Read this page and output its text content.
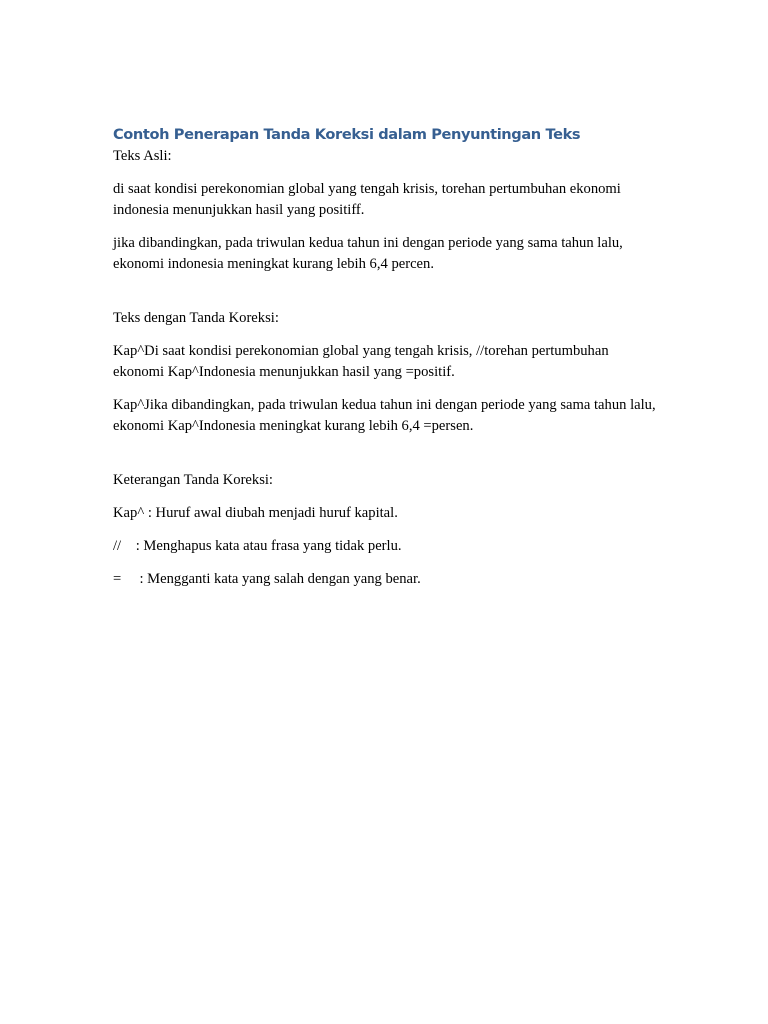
Contoh Penerapan Tanda Koreksi dalam Penyuntingan Teks

Teks Asli:

di saat kondisi perekonomian global yang tengah krisis, torehan pertumbuhan ekonomi indonesia menunjukkan hasil yang positiff.

jika dibandingkan, pada triwulan kedua tahun ini dengan periode yang sama tahun lalu, ekonomi indonesia meningkat kurang lebih 6,4 percen.

Teks dengan Tanda Koreksi:

Kap^Di saat kondisi perekonomian global yang tengah krisis, //torehan pertumbuhan ekonomi Kap^Indonesia menunjukkan hasil yang =positif.

Kap^Jika dibandingkan, pada triwulan kedua tahun ini dengan periode yang sama tahun lalu, ekonomi Kap^Indonesia meningkat kurang lebih 6,4 =persen.

Keterangan Tanda Koreksi:

Kap^ : Huruf awal diubah menjadi huruf kapital.

// : Menghapus kata atau frasa yang tidak perlu.

= : Mengganti kata yang salah dengan yang benar.
